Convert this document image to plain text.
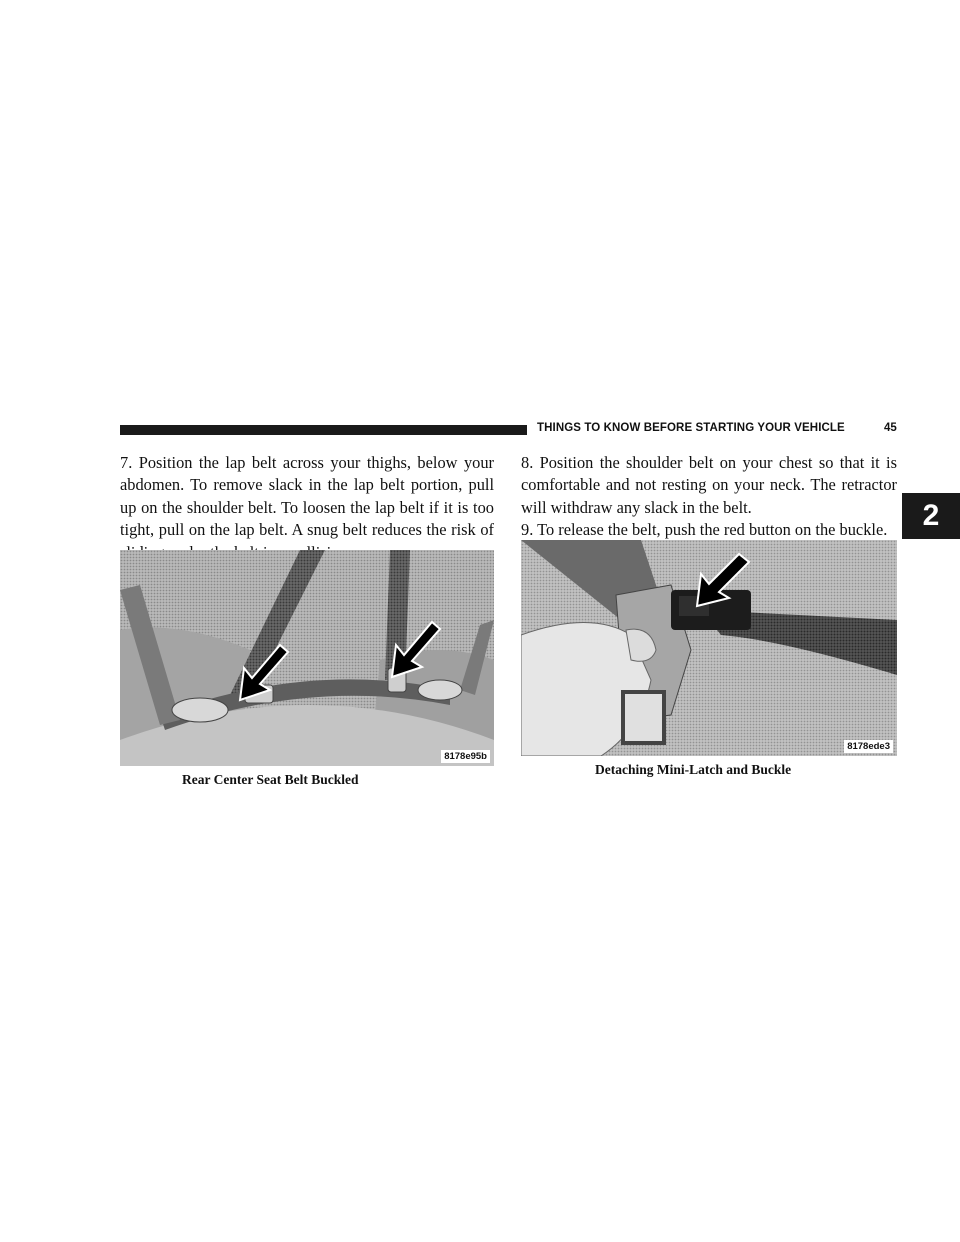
THINGS TO KNOW BEFORE STARTING YOUR VEHICLE	45
2

7. Position the lap belt across your thighs, below your abdomen. To remove slack in the lap belt portion, pull up on the shoulder belt. To loosen the lap belt if it is too tight, pull on the lap belt. A snug belt reduces the risk of

8178e95b
Rear Center Seat Belt Buckled

8. Position the shoulder belt on your chest so that it is comfortable and not resting on your neck. The retractor will withdraw any slack in the belt.

9. To release the belt, push the red button on the buckle.

8178ede3
Detaching Mini-Latch and Buckle
